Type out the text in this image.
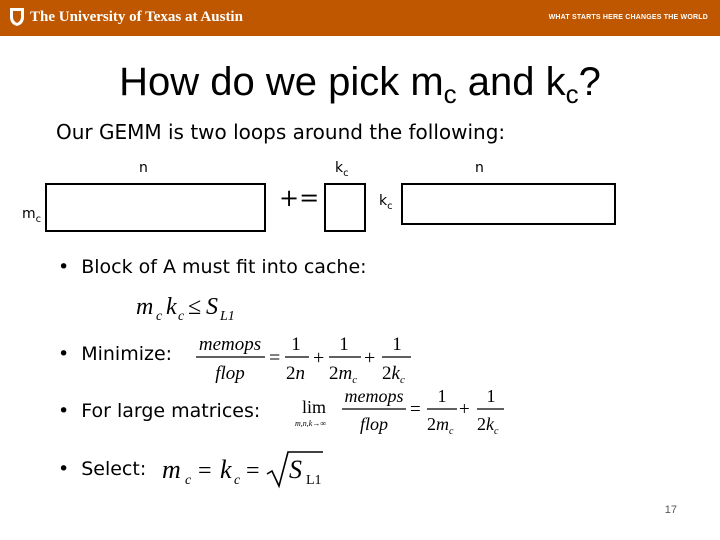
The University of Texas at Austin	WHAT STARTS HERE CHANGES THE WORLD
How do we pick $m_c$ and $k_c$?
Our GEMM is two loops around the following:
n	$k_c$	n
$m_c$
$k_c$
+=
• Block of A must fit into cache:
• Minimize:
• For large matrices:
• Select:
m c k c ≤ S L1
memops
flop
=
1
2n
+
1
$2m_c$
+
1
$2k_c$
lim
m,n,k→∞
memops
flop
=
1
$2m_c$
+
1
$2k_c$
m c = k c = S L1
17
